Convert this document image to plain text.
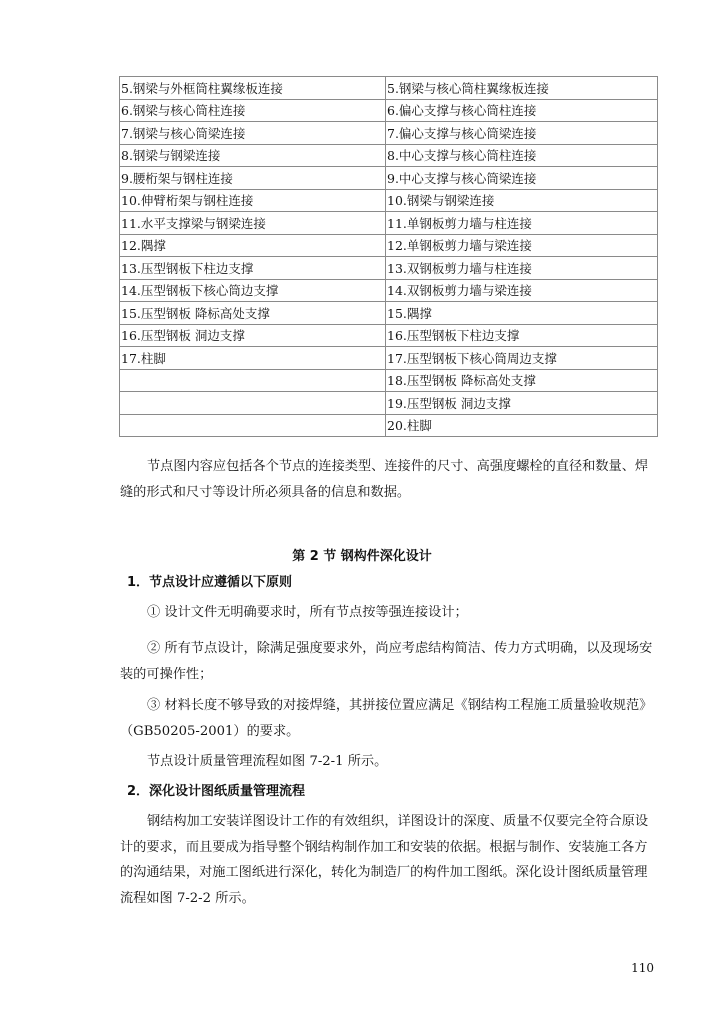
5.钢梁与外框筒柱翼缘板连接	5.钢梁与核心筒柱翼缘板连接
6.钢梁与核心筒柱连接	6.偏心支撑与核心筒柱连接
7.钢梁与核心筒梁连接	7.偏心支撑与核心筒梁连接
8.钢梁与钢梁连接	8.中心支撑与核心筒柱连接
9.腰桁架与钢柱连接	9.中心支撑与核心筒梁连接
10.伸臂桁架与钢柱连接	10.钢梁与钢梁连接
11.水平支撑梁与钢梁连接	11.单钢板剪力墙与柱连接
12.隅撑	12.单钢板剪力墙与梁连接
13.压型钢板下柱边支撑	13.双钢板剪力墙与柱连接
14.压型钢板下核心筒边支撑	14.双钢板剪力墙与梁连接
15.压型钢板 降标高处支撑	15.隅撑
16.压型钢板 洞边支撑	16.压型钢板下柱边支撑
17.柱脚	17.压型钢板下核心筒周边支撑
	18.压型钢板 降标高处支撑
	19.压型钢板 洞边支撑
	20.柱脚

节点图内容应包括各个节点的连接类型、连接件的尺寸、高强度螺栓的直径和数量、焊缝的形式和尺寸等设计所必须具备的信息和数据。

第 2 节 钢构件深化设计

1．节点设计应遵循以下原则

① 设计文件无明确要求时，所有节点按等强连接设计；

② 所有节点设计，除满足强度要求外，尚应考虑结构简洁、传力方式明确，以及现场安装的可操作性；

③ 材料长度不够导致的对接焊缝，其拼接位置应满足《钢结构工程施工质量验收规范》（GB50205-2001）的要求。

节点设计质量管理流程如图 7-2-1 所示。

2．深化设计图纸质量管理流程

钢结构加工安装详图设计工作的有效组织，详图设计的深度、质量不仅要完全符合原设计的要求，而且要成为指导整个钢结构制作加工和安装的依据。根据与制作、安装施工各方的沟通结果，对施工图纸进行深化，转化为制造厂的构件加工图纸。深化设计图纸质量管理流程如图 7-2-2 所示。

110
